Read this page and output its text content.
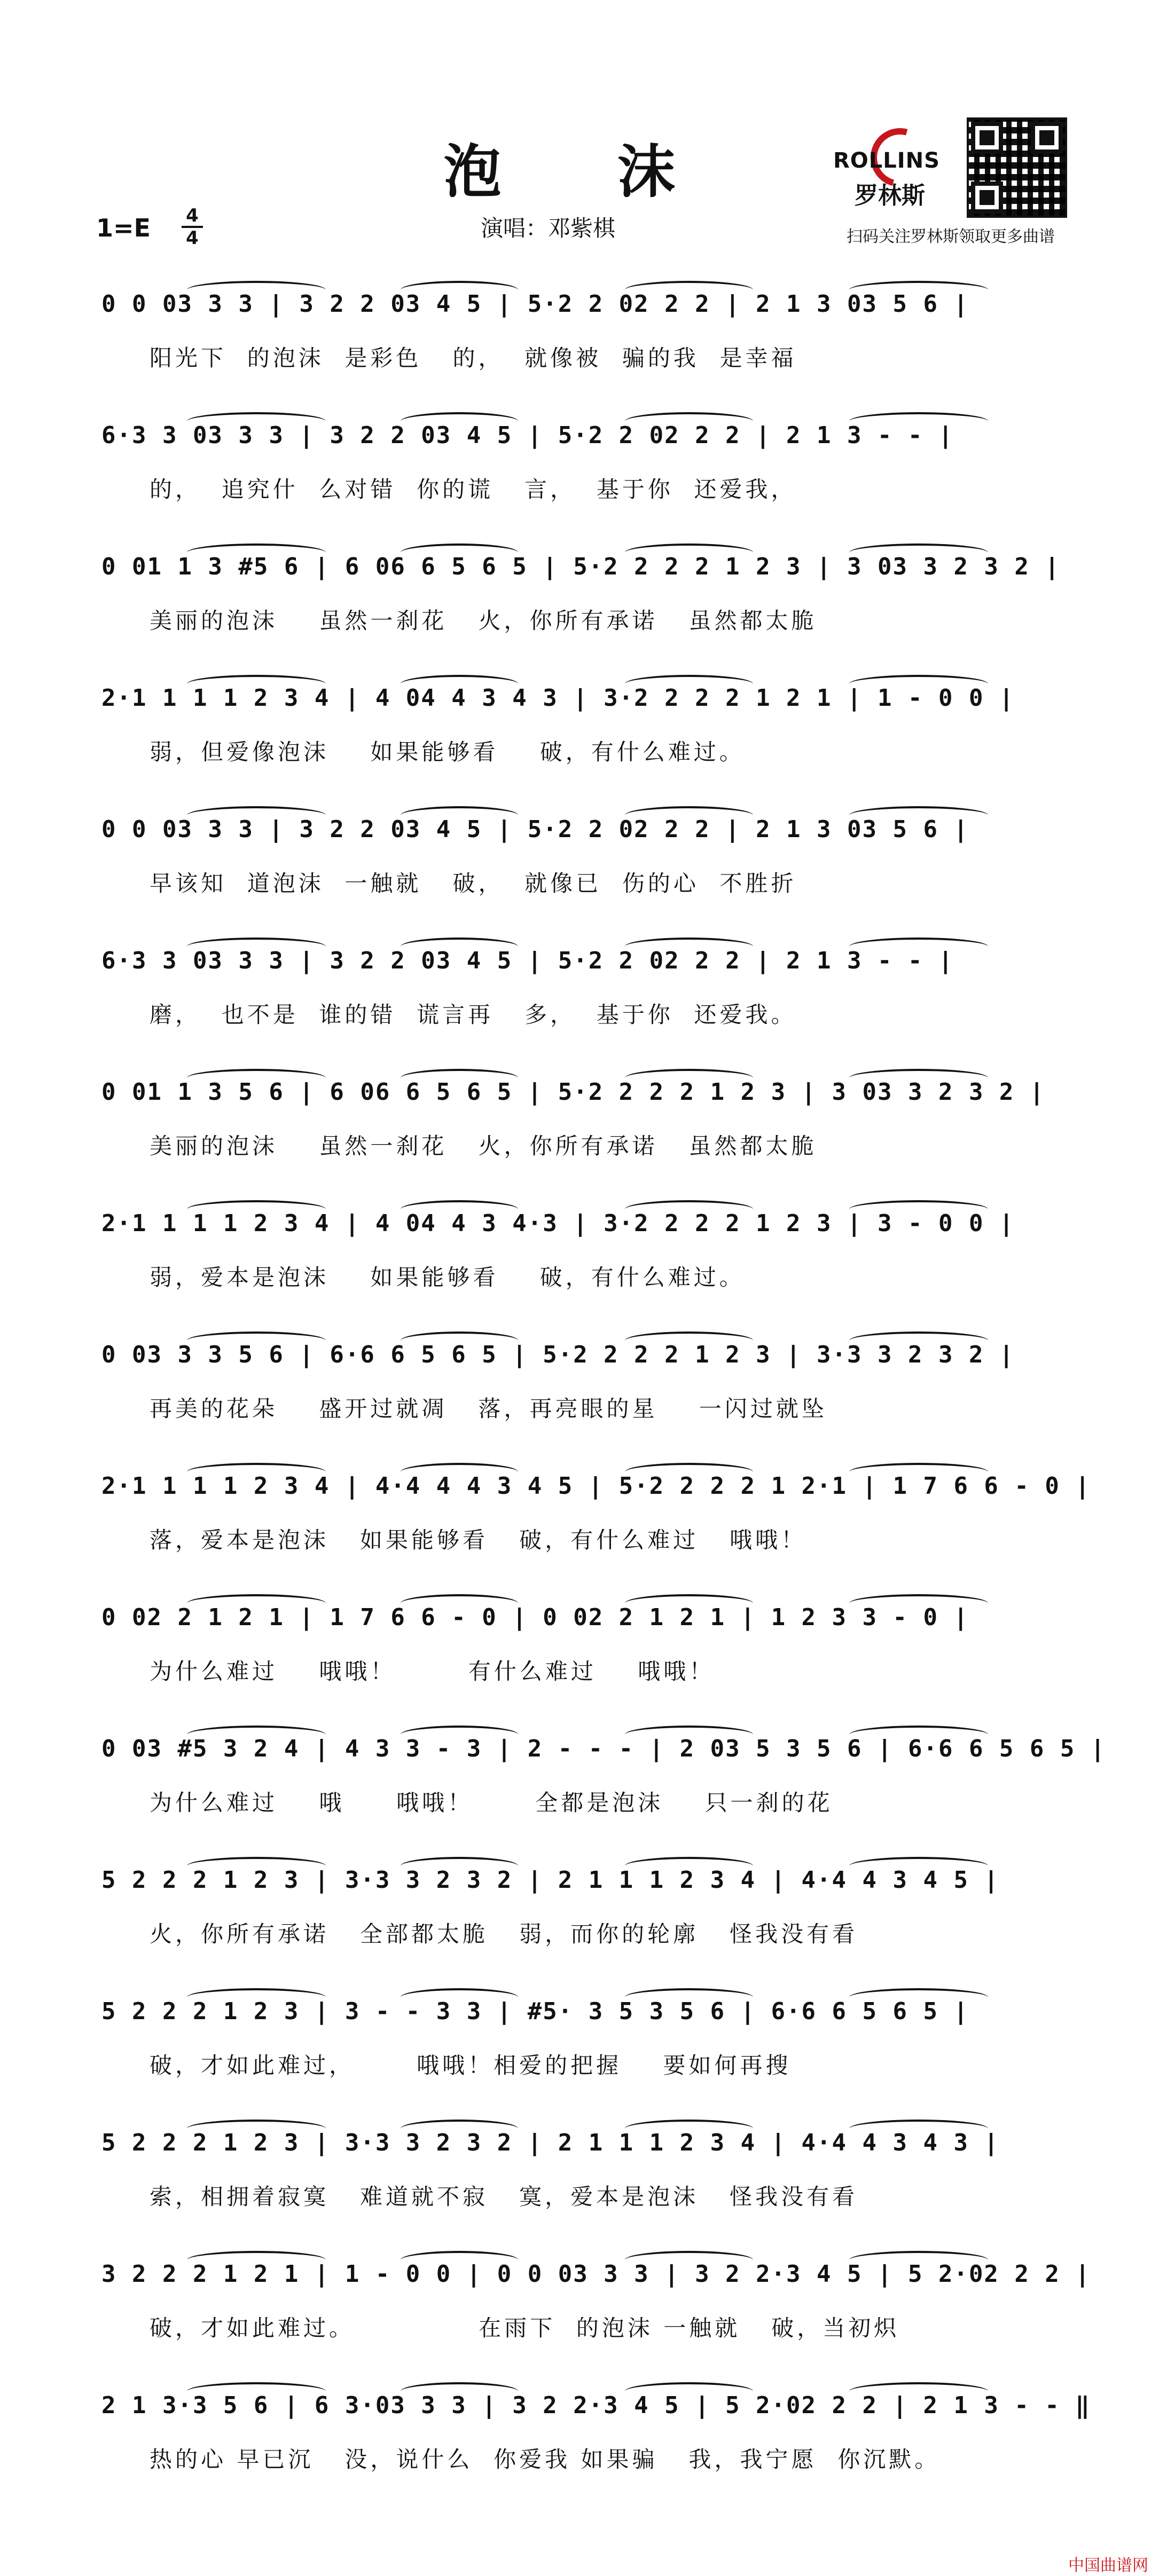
泡 沫
1=E 4
4	演唱：邓紫棋
ROLLINS
罗林斯
扫码关注罗林斯领取更多曲谱
0 0 03 3 3 | 3 2 2 03 4 5 | 5·2 2 02 2 2 | 2 1 3 03 5 6 |
阳光下  的泡沫  是彩色   的，  就像被  骗的我  是幸福
6·3 3 03 3 3 | 3 2 2 03 4 5 | 5·2 2 02 2 2 | 2 1 3 - - |
的，  追究什  么对错  你的谎   言，  基于你  还爱我，
0 01 1 3 #5 6 | 6 06 6 5 6 5 | 5·2 2 2 2 1 2 3 | 3 03 3 2 3 2 |
美丽的泡沫    虽然一刹花   火，你所有承诺   虽然都太脆
2·1 1 1 1 2 3 4 | 4 04 4 3 4 3 | 3·2 2 2 2 1 2 1 | 1 - 0 0 |
弱，但爱像泡沫    如果能够看    破，有什么难过。
0 0 03 3 3 | 3 2 2 03 4 5 | 5·2 2 02 2 2 | 2 1 3 03 5 6 |
早该知  道泡沫  一触就   破，  就像已  伤的心  不胜折
6·3 3 03 3 3 | 3 2 2 03 4 5 | 5·2 2 02 2 2 | 2 1 3 - - |
磨，  也不是  谁的错  谎言再   多，  基于你  还爱我。
0 01 1 3 5 6 | 6 06 6 5 6 5 | 5·2 2 2 2 1 2 3 | 3 03 3 2 3 2 |
美丽的泡沫    虽然一刹花   火，你所有承诺   虽然都太脆
2·1 1 1 1 2 3 4 | 4 04 4 3 4·3 | 3·2 2 2 2 1 2 3 | 3 - 0 0 |
弱，爱本是泡沫    如果能够看    破，有什么难过。
0 03 3 3 5 6 | 6·6 6 5 6 5 | 5·2 2 2 2 1 2 3 | 3·3 3 2 3 2 |
再美的花朵    盛开过就凋   落，再亮眼的星    一闪过就坠
2·1 1 1 1 2 3 4 | 4·4 4 4 3 4 5 | 5·2 2 2 2 1 2·1 | 1 7 6 6 - 0 |
落，爱本是泡沫   如果能够看   破，有什么难过   哦哦！
0 02 2 1 2 1 | 1 7 6 6 - 0 | 0 02 2 1 2 1 | 1 2 3 3 - 0 |
为什么难过    哦哦！       有什么难过    哦哦！
0 03 #5 3 2 4 | 4 3 3 - 3 | 2 - - - | 2 03 5 3 5 6 | 6·6 6 5 6 5 |
为什么难过    哦     哦哦！      全都是泡沫    只一刹的花
5 2 2 2 1 2 3 | 3·3 3 2 3 2 | 2 1 1 1 2 3 4 | 4·4 4 3 4 5 |
火，你所有承诺   全部都太脆   弱，而你的轮廓   怪我没有看
5 2 2 2 1 2 3 | 3 - - 3 3 | #5· 3 5 3 5 6 | 6·6 6 5 6 5 |
破，才如此难过，      哦哦！相爱的把握    要如何再搜
5 2 2 2 1 2 3 | 3·3 3 2 3 2 | 2 1 1 1 2 3 4 | 4·4 4 3 4 3 |
索，相拥着寂寞   难道就不寂   寞，爱本是泡沫   怪我没有看
3 2 2 2 1 2 1 | 1 - 0 0 | 0 0 03 3 3 | 3 2 2·3 4 5 | 5 2·02 2 2 |
破，才如此难过。            在雨下  的泡沫 一触就   破，当初炽
2 1 3·3 5 6 | 6 3·03 3 3 | 3 2 2·3 4 5 | 5 2·02 2 2 | 2 1 3 - - ‖
热的心 早已沉   没，说什么  你爱我 如果骗   我，我宁愿  你沉默。
中国曲谱网
